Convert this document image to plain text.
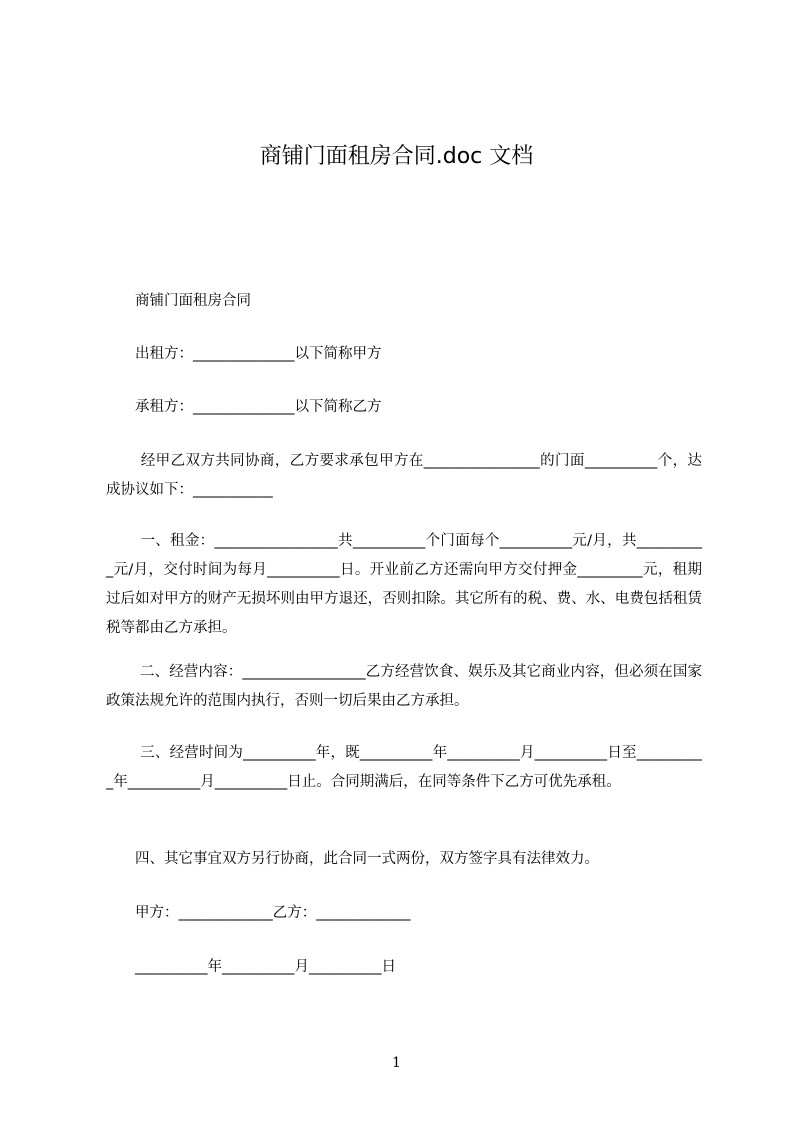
商铺门面租房合同.doc 文档
　　商铺门面租房合同
　　出租方：______________以下简称甲方
　　承租方：______________以下简称乙方
　　 经甲乙双方共同协商，乙方要求承包甲方在________________的门面__________个，达成协议如下：___________
　　 一、租金：_________________共__________个门面每个__________元/月，共__________元/月，交付时间为每月__________日。开业前乙方还需向甲方交付押金_________元，租期过后如对甲方的财产无损坏则由甲方退还，否则扣除。其它所有的税、费、水、电费包括租赁税等都由乙方承担。
　　 二、经营内容：_________________乙方经营饮食、娱乐及其它商业内容，但必须在国家政策法规允许的范围内执行，否则一切后果由乙方承担。
　　 三、经营时间为__________年，既__________年__________月__________日至__________年__________月__________日止。合同期满后，在同等条件下乙方可优先承租。
　　四、其它事宜双方另行协商，此合同一式两份，双方签字具有法律效力。
　　甲方：_____________乙方：_____________
　　__________年__________月__________日
1
